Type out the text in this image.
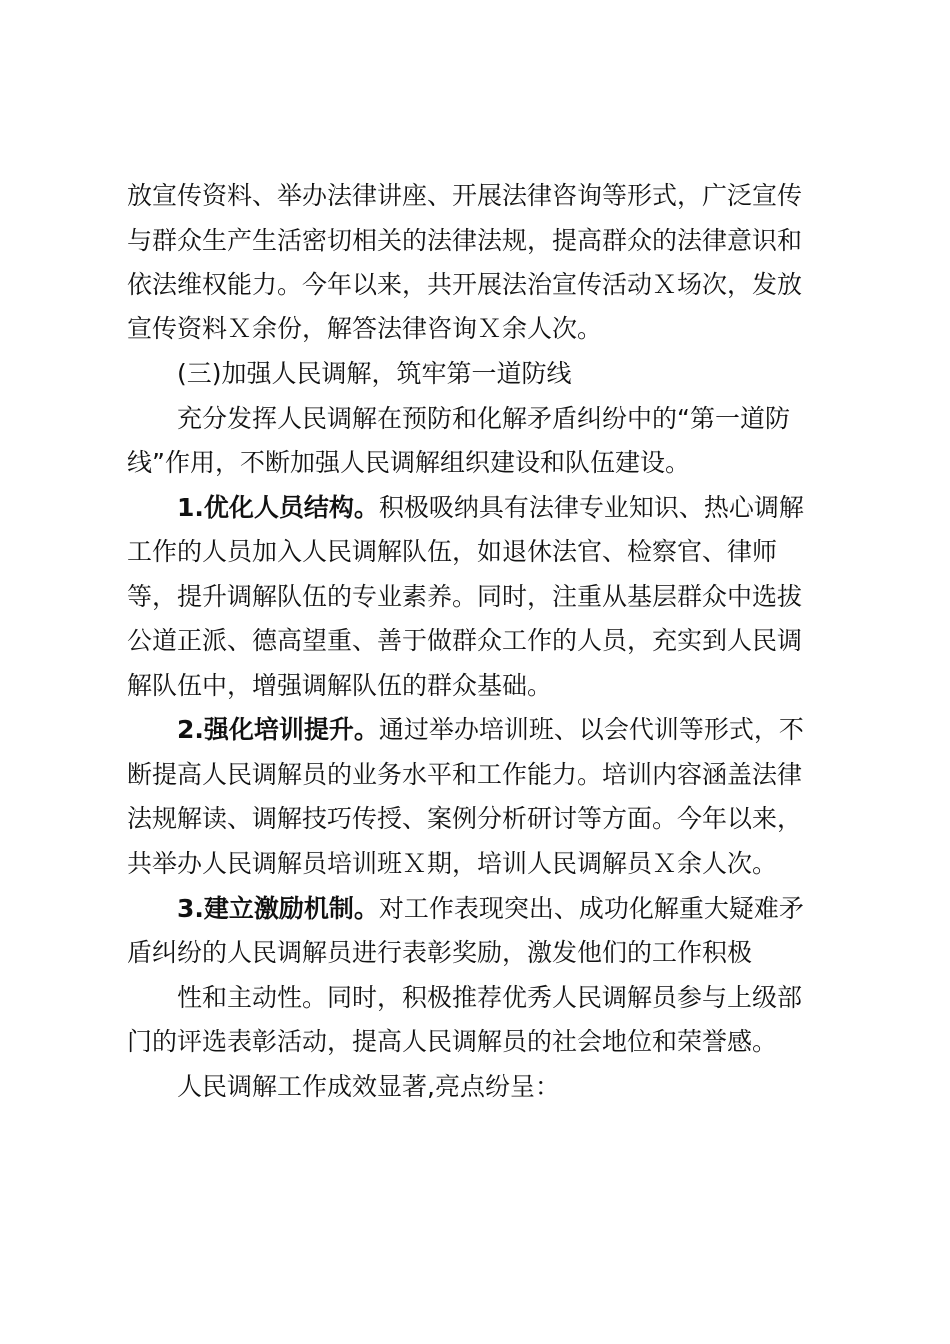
放宣传资料、举办法律讲座、开展法律咨询等形式，广泛宣传
与群众生产生活密切相关的法律法规，提高群众的法律意识和
依法维权能力。今年以来，共开展法治宣传活动Ｘ场次，发放
宣传资料Ｘ余份，解答法律咨询Ｘ余人次。
(三)加强人民调解，筑牢第一道防线
充分发挥人民调解在预防和化解矛盾纠纷中的“第一道防
线”作用，不断加强人民调解组织建设和队伍建设。
1.优化人员结构。积极吸纳具有法律专业知识、热心调解
工作的人员加入人民调解队伍，如退休法官、检察官、律师
等，提升调解队伍的专业素养。同时，注重从基层群众中选拔
公道正派、德高望重、善于做群众工作的人员，充实到人民调
解队伍中，增强调解队伍的群众基础。
2.强化培训提升。通过举办培训班、以会代训等形式，不
断提高人民调解员的业务水平和工作能力。培训内容涵盖法律
法规解读、调解技巧传授、案例分析研讨等方面。今年以来，
共举办人民调解员培训班Ｘ期，培训人民调解员Ｘ余人次。
3.建立激励机制。对工作表现突出、成功化解重大疑难矛
盾纠纷的人民调解员进行表彰奖励，激发他们的工作积极
性和主动性。同时，积极推荐优秀人民调解员参与上级部
门的评选表彰活动，提高人民调解员的社会地位和荣誉感。
人民调解工作成效显著,亮点纷呈：
